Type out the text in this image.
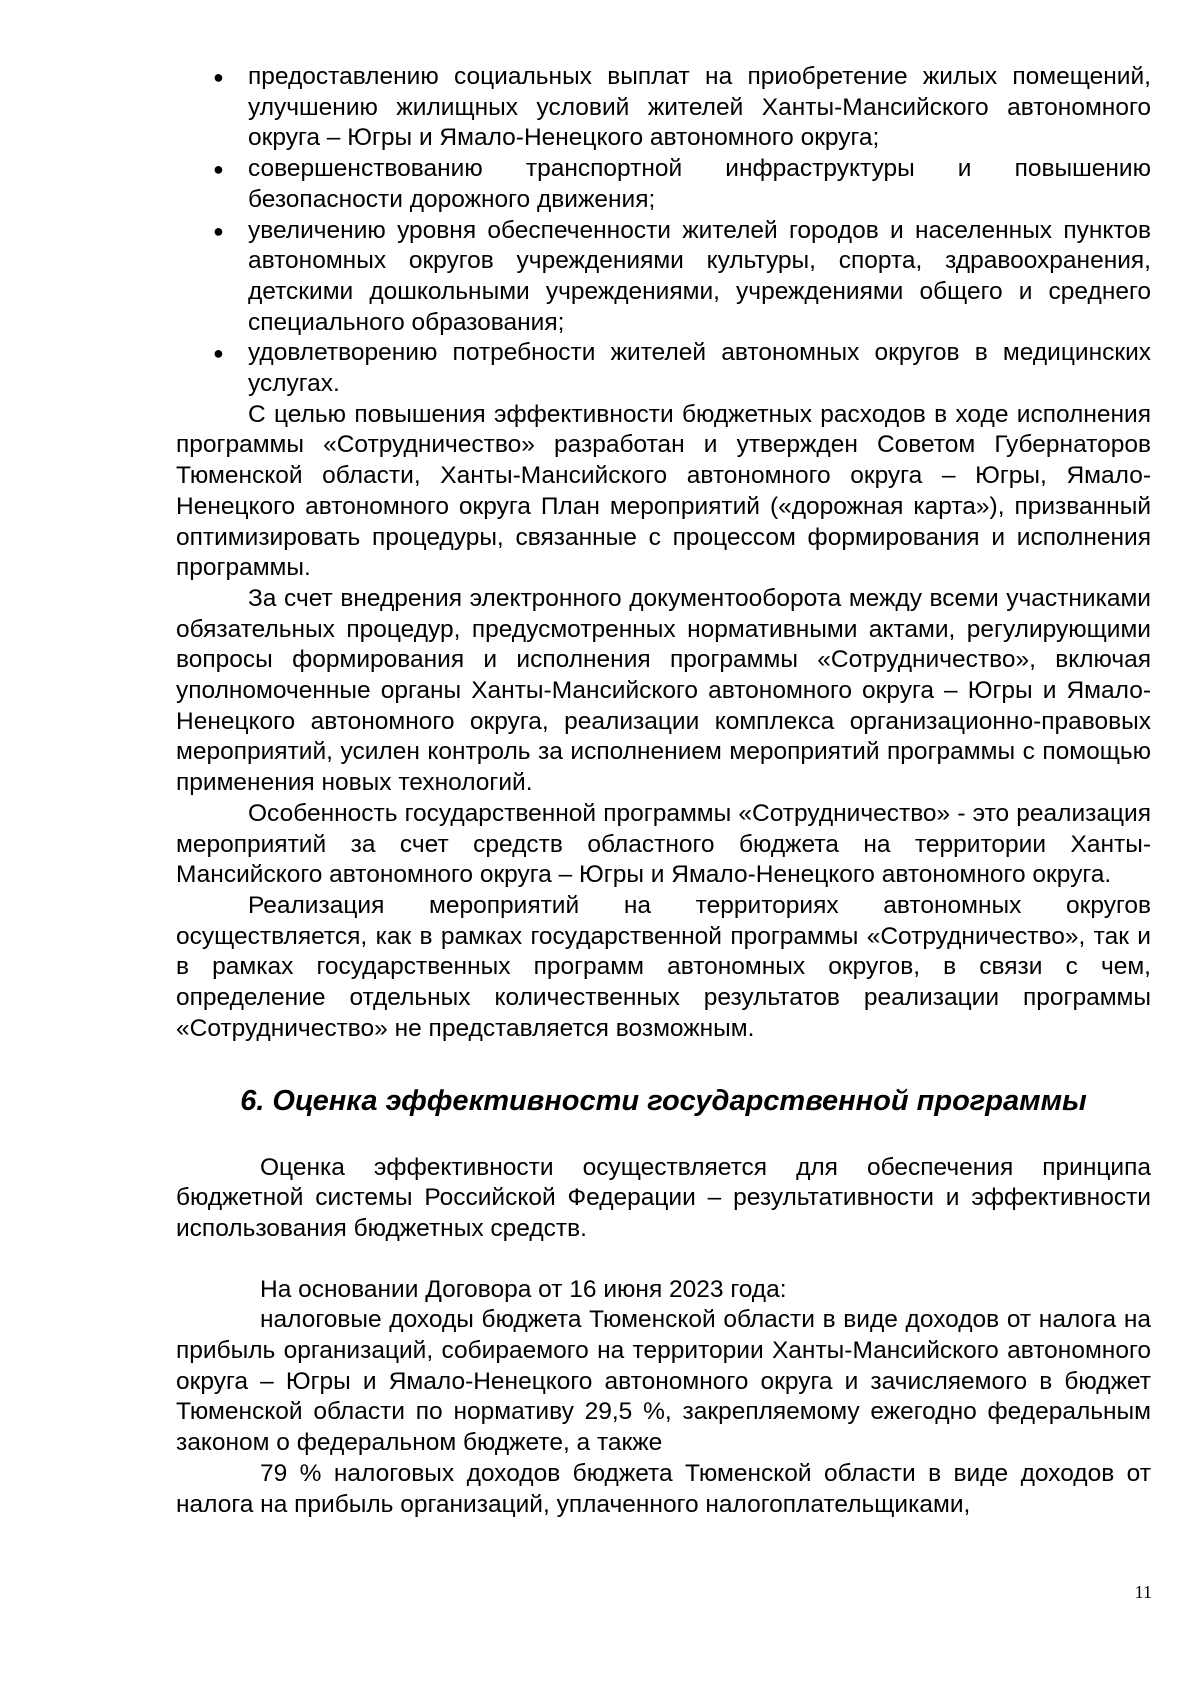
● предоставлению социальных выплат на приобретение жилых помещений, улучшению жилищных условий жителей Ханты-Мансийского автономного округа – Югры и Ямало-Ненецкого автономного округа;
● совершенствованию транспортной инфраструктуры и повышению безопасности дорожного движения;
● увеличению уровня обеспеченности жителей городов и населенных пунктов автономных округов учреждениями культуры, спорта, здравоохранения, детскими дошкольными учреждениями, учреждениями общего и среднего специального образования;
● удовлетворению потребности жителей автономных округов в медицинских услугах.

С целью повышения эффективности бюджетных расходов в ходе исполнения программы «Сотрудничество» разработан и утвержден Советом Губернаторов Тюменской области, Ханты-Мансийского автономного округа – Югры, Ямало-Ненецкого автономного округа План мероприятий («дорожная карта»), призванный оптимизировать процедуры, связанные с процессом формирования и исполнения программы.

За счет внедрения электронного документооборота между всеми участниками обязательных процедур, предусмотренных нормативными актами, регулирующими вопросы формирования и исполнения программы «Сотрудничество», включая уполномоченные органы Ханты-Мансийского автономного округа – Югры и Ямало-Ненецкого автономного округа, реализации комплекса организационно-правовых мероприятий, усилен контроль за исполнением мероприятий программы с помощью применения новых технологий.

Особенность государственной программы «Сотрудничество» - это реализация мероприятий за счет средств областного бюджета на территории Ханты-Мансийского автономного округа – Югры и Ямало-Ненецкого автономного округа.

Реализация мероприятий на территориях автономных округов осуществляется, как в рамках государственной программы «Сотрудничество», так и в рамках государственных программ автономных округов, в связи с чем, определение отдельных количественных результатов реализации программы «Сотрудничество» не представляется возможным.

6. Оценка эффективности государственной программы

Оценка эффективности осуществляется для обеспечения принципа бюджетной системы Российской Федерации – результативности и эффективности использования бюджетных средств.

На основании Договора от 16 июня 2023 года:

налоговые доходы бюджета Тюменской области в виде доходов от налога на прибыль организаций, собираемого на территории Ханты-Мансийского автономного округа – Югры и Ямало-Ненецкого автономного округа и зачисляемого в бюджет Тюменской области по нормативу 29,5 %, закрепляемому ежегодно федеральным законом о федеральном бюджете, а также

79 % налоговых доходов бюджета Тюменской области в виде доходов от налога на прибыль организаций, уплаченного налогоплательщиками,

11
